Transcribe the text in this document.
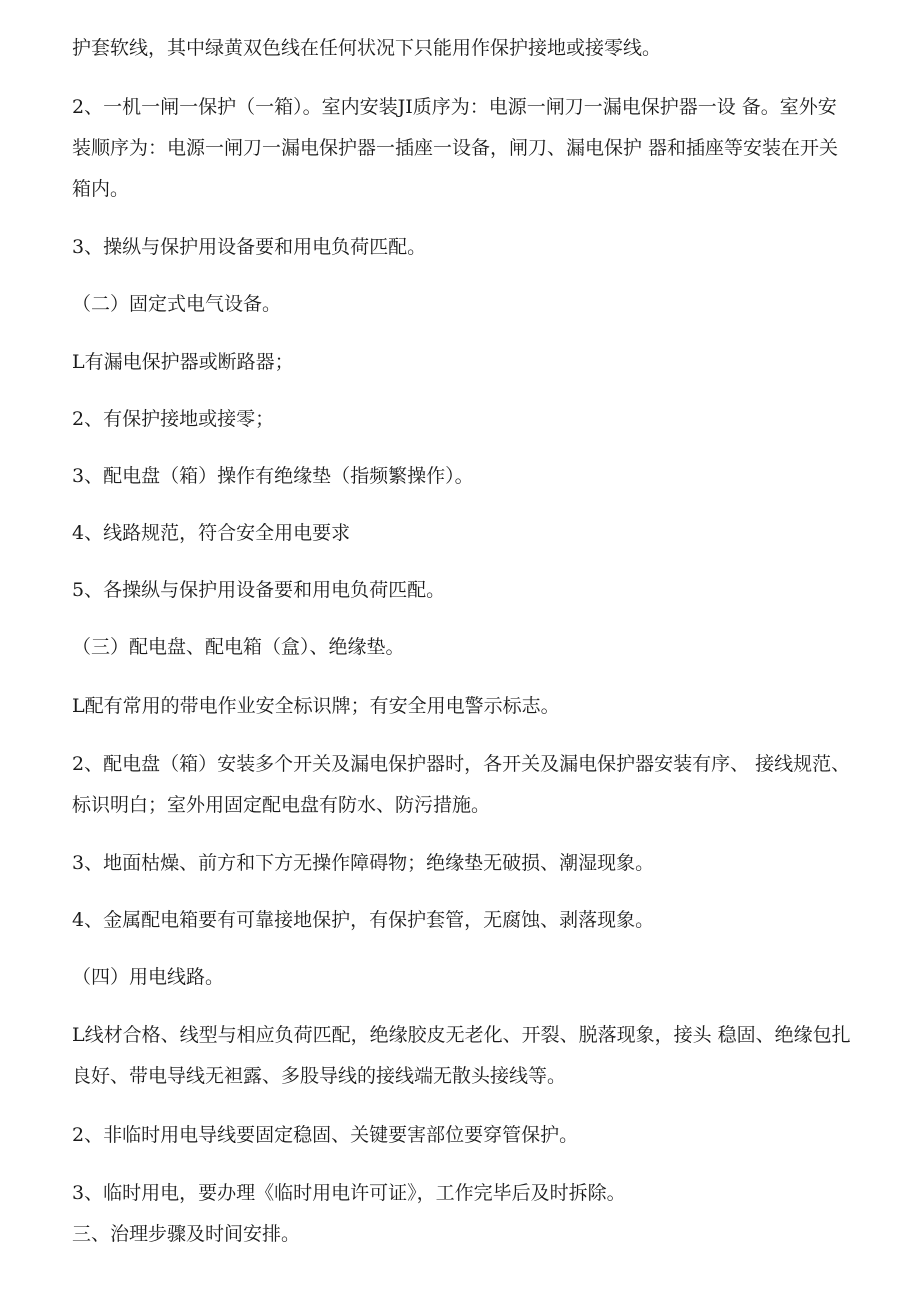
护套软线，其中绿黄双色线在任何状况下只能用作保护接地或接零线。

2、一机一闸一保护（一箱）。室内安装JI质序为：电源一闸刀一漏电保护器一设 备。室外安装顺序为：电源一闸刀一漏电保护器一插座一设备，闸刀、漏电保护 器和插座等安装在开关箱内。

3、操纵与保护用设备要和用电负荷匹配。

（二）固定式电气设备。

L有漏电保护器或断路器；

2、有保护接地或接零；

3、配电盘（箱）操作有绝缘垫（指频繁操作）。

4、线路规范，符合安全用电要求

5、各操纵与保护用设备要和用电负荷匹配。

（三）配电盘、配电箱（盒）、绝缘垫。

L配有常用的带电作业安全标识牌；有安全用电警示标志。

2、配电盘（箱）安装多个开关及漏电保护器时，各开关及漏电保护器安装有序、 接线规范、标识明白；室外用固定配电盘有防水、防污措施。

3、地面枯燥、前方和下方无操作障碍物；绝缘垫无破损、潮湿现象。

4、金属配电箱要有可靠接地保护，有保护套管，无腐蚀、剥落现象。

（四）用电线路。

L线材合格、线型与相应负荷匹配，绝缘胶皮无老化、开裂、脱落现象，接头 稳固、绝缘包扎良好、带电导线无袒露、多股导线的接线端无散头接线等。

2、非临时用电导线要固定稳固、关键要害部位要穿管保护。

3、临时用电，要办理《临时用电许可证》，工作完毕后及时拆除。

三、治理步骤及时间安排。
